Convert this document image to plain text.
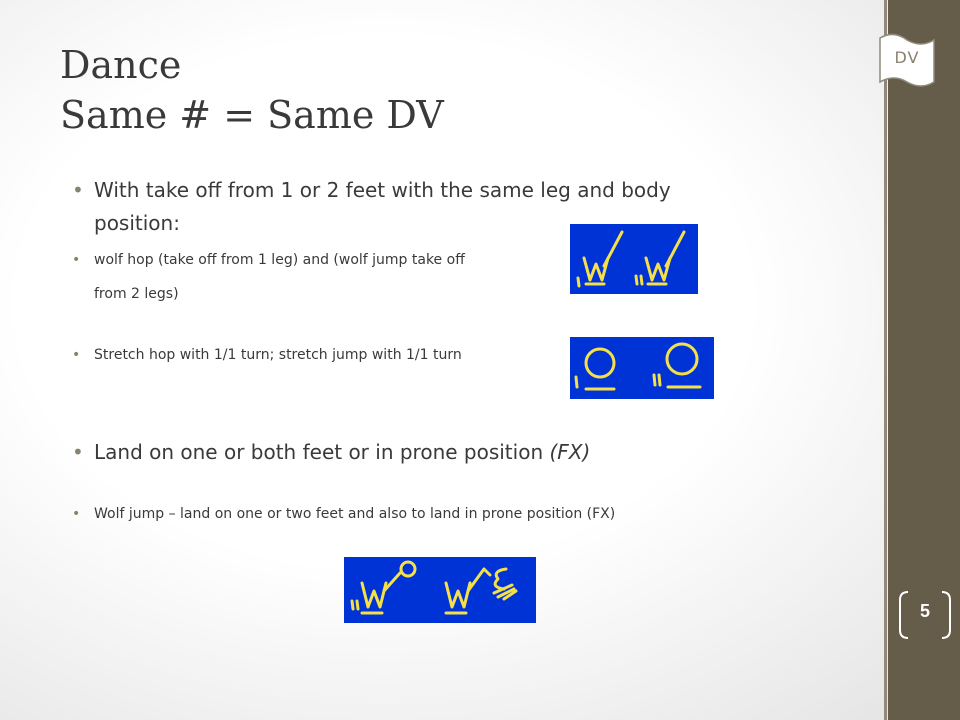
DV
5
Dance
Same # = Same DV
• With take off from 1 or 2 feet with the same leg and body
position:
• wolf hop (take off from 1 leg) and (wolf jump take off
from 2 legs)
• Stretch hop with 1/1 turn; stretch jump with 1/1 turn
• Land on one or both feet or in prone position (FX)
• Wolf jump – land on one or two feet and also to land in prone position (FX)
